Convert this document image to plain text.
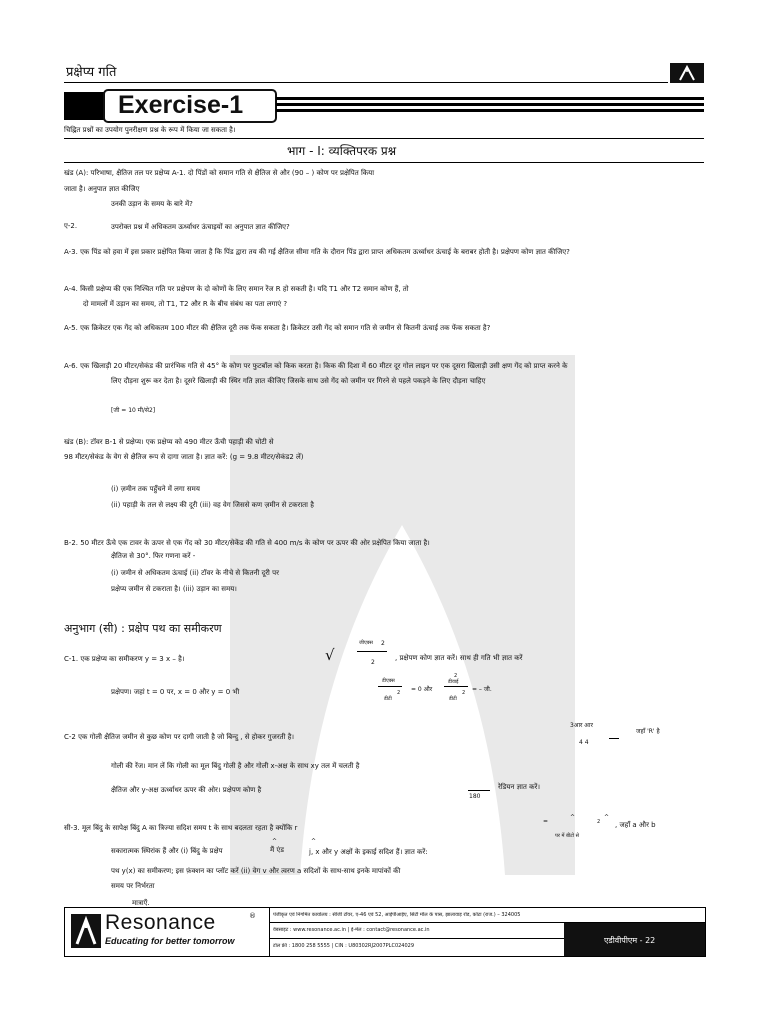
प्रक्षेप्य गति
Exercise-1
चिह्नित प्रश्नों का उपयोग पुनरीक्षण प्रश्न के रूप में किया जा सकता है।
भाग - I: व्यक्तिपरक प्रश्न
खंड (A): परिभाषा, क्षैतिज तल पर प्रक्षेप्य A-1. दो पिंडों को समान गति से क्षैतिज से और (90 – ) कोण पर प्रक्षेपित किया
जाता है। अनुपात ज्ञात कीजिए
उनकी उड़ान के समय के बारे में?
ए-2.	उपरोक्त प्रश्न में अधिकतम ऊर्ध्वाधर ऊंचाइयों का अनुपात ज्ञात कीजिए?
A-3. एक पिंड को हवा में इस प्रकार प्रक्षेपित किया जाता है कि पिंड द्वारा तय की गई क्षैतिज सीमा गति के दौरान पिंड द्वारा प्राप्त अधिकतम ऊर्ध्वाधर ऊंचाई के बराबर होती है। प्रक्षेपण कोण ज्ञात कीजिए?
A-4. किसी प्रक्षेप्य की एक निश्चित गति पर प्रक्षेपण के दो कोणों के लिए समान रेंज R हो सकती है। यदि T1 और T2 समान कोण हैं, तो
दो मामलों में उड़ान का समय, तो T1, T2 और R के बीच संबंध का पता लगाएं ?
A-5. एक क्रिकेटर एक गेंद को अधिकतम 100 मीटर की क्षैतिज दूरी तक फेंक सकता है। क्रिकेटर उसी गेंद को समान गति से जमीन से कितनी ऊंचाई तक फेंक सकता है?
A-6. एक खिलाड़ी 20 मीटर/सेकंड की प्रारंभिक गति से 45° के कोण पर फुटबॉल को किक करता है। किक की दिशा में 60 मीटर दूर गोल लाइन पर एक दूसरा खिलाड़ी उसी क्षण गेंद को प्राप्त करने के
लिए दौड़ना शुरू कर देता है। दूसरे खिलाड़ी की स्थिर गति ज्ञात कीजिए जिसके साथ उसे गेंद को जमीन पर गिरने से पहले पकड़ने के लिए दौड़ना चाहिए
[जी = 10 मी/से2]
खंड (B): टॉवर B-1 से प्रक्षेप्य। एक प्रक्षेप्य को 490 मीटर ऊँची पहाड़ी की चोटी से
98 मीटर/सेकंड के वेग से क्षैतिज रूप से दागा जाता है। ज्ञात करें: (g = 9.8 मीटर/सेकंड2 लें)
(i) ज़मीन तक पहुँचने में लगा समय
(ii) पहाड़ी के तल से लक्ष्य की दूरी (iii) वह वेग जिससे कण ज़मीन से टकराता है
B-2. 50 मीटर ऊँचे एक टावर के ऊपर से एक गेंद को 30 मीटर/सेकेंड की गति से 400 m/s के कोण पर ऊपर की ओर प्रक्षेपित किया जाता है।
क्षैतिज से 30°. फिर गणना करें -
(i) जमीन से अधिकतम ऊंचाई (ii) टॉवर के नीचे से कितनी दूरी पर
प्रक्षेप्य जमीन से टकराता है। (iii) उड़ान का समय।
अनुभाग (सी) : प्रक्षेप पथ का समीकरण
C-1. एक प्रक्षेप्य का समीकरण y = 3 x – है।	√
जीएक्स 2
2
, प्रक्षेपण कोण ज्ञात करें। साथ ही गति भी ज्ञात करें
प्रक्षेपण। जहां t = 0 पर, x = 0 और y = 0 भी
डीएक्स
डीटी
2 = 0 और
2
डीवाई
डीटी
2 = – जी.
C-2 एक गोली क्षैतिज जमीन से कुछ कोण पर दागी जाती है जो बिन्दु , से होकर गुजरती है।
3आर आर
4 4
जहाँ 'R' है
गोली की रेंज। मान लें कि गोली का मूल बिंदु गोली है और गोली x-अक्ष के साथ xy तल में चलती है
क्षैतिज और y-अक्ष ऊर्ध्वाधर ऊपर की ओर। प्रक्षेपण कोण है
180
रेडियन ज्ञात करें।
सी-3. मूल बिंदु के सापेक्ष बिंदु A का त्रिज्या सदिश समय t के साथ बदलता रहता है क्योंकि r
=
^
2
^
, जहाँ a और b
पर में बीटो से
सकारात्मक स्थिरांक हैं और (i) बिंदु के प्रक्षेप
^
मैं एंड
^
j, x और y अक्षों के इकाई सदिश हैं। ज्ञात करें:
पथ y(x) का समीकरण; इस फ़ंक्शन का प्लॉट करें (ii) वेग v और त्वरण a सदिशों के साथ-साथ इनके मापांकों की
समय पर निर्भरता
मात्राएँ.
Resonance	®
Educating for better tomorrow
पंजीकृत एवं निगमित कार्यालय : सीजी टॉवर, ए-46 एवं 52, आईपीआईए, सिटी मॉल के पास, झालावाड़ रोड, कोटा (राज.) – 324005
वेबसाइट : www.resonance.ac.in | ई-मेल : contact@resonance.ac.in
टोल फ्री : 1800 258 5555 | CIN : U80302RJ2007PLC024029
एडीवीपीएम - 22
